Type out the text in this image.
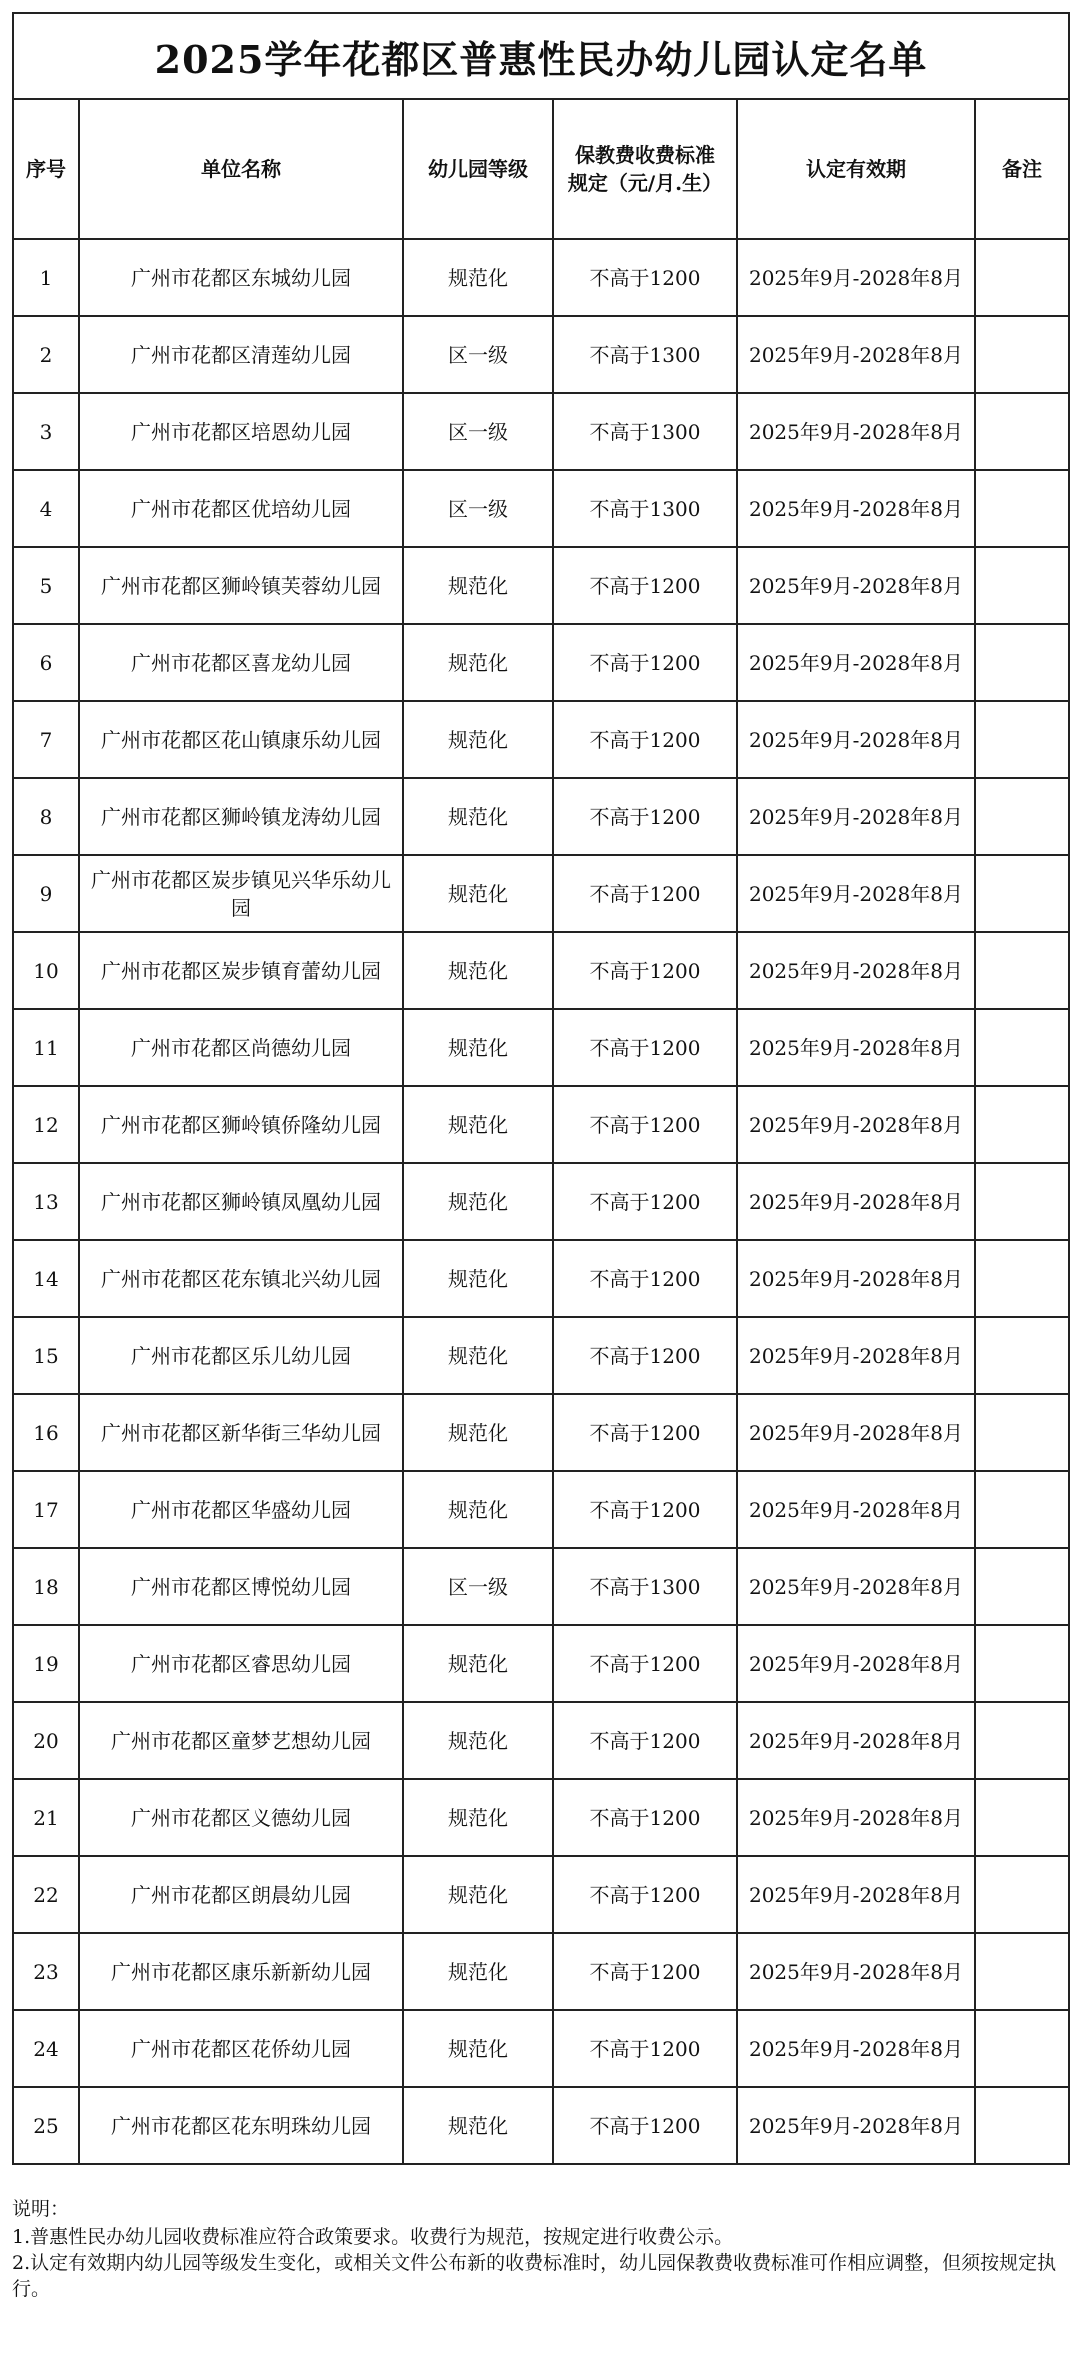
2025学年花都区普惠性民办幼儿园认定名单					
序号	单位名称	幼儿园等级	保教费收费标准规定（元/月.生）	认定有效期	备注
1	广州市花都区东城幼儿园	规范化	不高于1200	2025年9月-2028年8月	
2	广州市花都区清莲幼儿园	区一级	不高于1300	2025年9月-2028年8月	
3	广州市花都区培恩幼儿园	区一级	不高于1300	2025年9月-2028年8月	
4	广州市花都区优培幼儿园	区一级	不高于1300	2025年9月-2028年8月	
5	广州市花都区狮岭镇芙蓉幼儿园	规范化	不高于1200	2025年9月-2028年8月	
6	广州市花都区喜龙幼儿园	规范化	不高于1200	2025年9月-2028年8月	
7	广州市花都区花山镇康乐幼儿园	规范化	不高于1200	2025年9月-2028年8月	
8	广州市花都区狮岭镇龙涛幼儿园	规范化	不高于1200	2025年9月-2028年8月	
9	广州市花都区炭步镇见兴华乐幼儿园	规范化	不高于1200	2025年9月-2028年8月	
10	广州市花都区炭步镇育蕾幼儿园	规范化	不高于1200	2025年9月-2028年8月	
11	广州市花都区尚德幼儿园	规范化	不高于1200	2025年9月-2028年8月	
12	广州市花都区狮岭镇侨隆幼儿园	规范化	不高于1200	2025年9月-2028年8月	
13	广州市花都区狮岭镇凤凰幼儿园	规范化	不高于1200	2025年9月-2028年8月	
14	广州市花都区花东镇北兴幼儿园	规范化	不高于1200	2025年9月-2028年8月	
15	广州市花都区乐儿幼儿园	规范化	不高于1200	2025年9月-2028年8月	
16	广州市花都区新华街三华幼儿园	规范化	不高于1200	2025年9月-2028年8月	
17	广州市花都区华盛幼儿园	规范化	不高于1200	2025年9月-2028年8月	
18	广州市花都区博悦幼儿园	区一级	不高于1300	2025年9月-2028年8月	
19	广州市花都区睿思幼儿园	规范化	不高于1200	2025年9月-2028年8月	
20	广州市花都区童梦艺想幼儿园	规范化	不高于1200	2025年9月-2028年8月	
21	广州市花都区义德幼儿园	规范化	不高于1200	2025年9月-2028年8月	
22	广州市花都区朗晨幼儿园	规范化	不高于1200	2025年9月-2028年8月	
23	广州市花都区康乐新新幼儿园	规范化	不高于1200	2025年9月-2028年8月	
24	广州市花都区花侨幼儿园	规范化	不高于1200	2025年9月-2028年8月	
25	广州市花都区花东明珠幼儿园	规范化	不高于1200	2025年9月-2028年8月	
说明：
1.普惠性民办幼儿园收费标准应符合政策要求。收费行为规范，按规定进行收费公示。
2.认定有效期内幼儿园等级发生变化，或相关文件公布新的收费标准时，幼儿园保教费收费标准可作相应调整，但须按规定执行。
